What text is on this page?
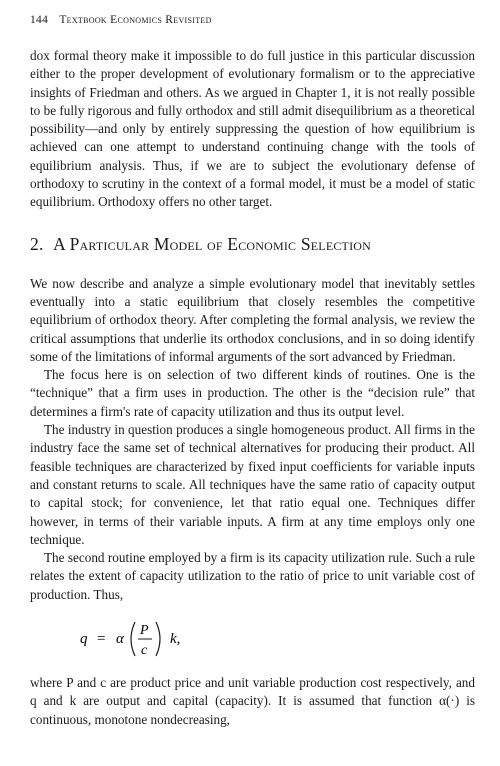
144 Textbook Economics Revisited

dox formal theory make it impossible to do full justice in this particular discussion either to the proper development of evolutionary formalism or to the appreciative insights of Friedman and others. As we argued in Chapter 1, it is not really possible to be fully rigorous and fully orthodox and still admit disequilibrium as a theoretical possibility—and only by entirely suppressing the question of how equilibrium is achieved can one attempt to understand continuing change with the tools of equilibrium analysis. Thus, if we are to subject the evolutionary defense of orthodoxy to scrutiny in the context of a formal model, it must be a model of static equilibrium. Orthodoxy offers no other target.

2. A Particular Model of Economic Selection

We now describe and analyze a simple evolutionary model that inevitably settles eventually into a static equilibrium that closely resembles the competitive equilibrium of orthodox theory. After completing the formal analysis, we review the critical assumptions that underlie its orthodox conclusions, and in so doing identify some of the limitations of informal arguments of the sort advanced by Friedman.

The focus here is on selection of two different kinds of routines. One is the “technique” that a firm uses in production. The other is the “decision rule” that determines a firm's rate of capacity utilization and thus its output level.

The industry in question produces a single homogeneous product. All firms in the industry face the same set of technical alternatives for producing their product. All feasible techniques are characterized by fixed input coefficients for variable inputs and constant returns to scale. All techniques have the same ratio of capacity output to capital stock; for convenience, let that ratio equal one. Techniques differ however, in terms of their variable inputs. A firm at any time employs only one technique.

The second routine employed by a firm is its capacity utilization rule. Such a rule relates the extent of capacity utilization to the ratio of price to unit variable cost of production. Thus,

q = α
P
c
k,

where P and c are product price and unit variable production cost respectively, and q and k are output and capital (capacity). It is assumed that function α(·) is continuous, monotone nondecreasing,
